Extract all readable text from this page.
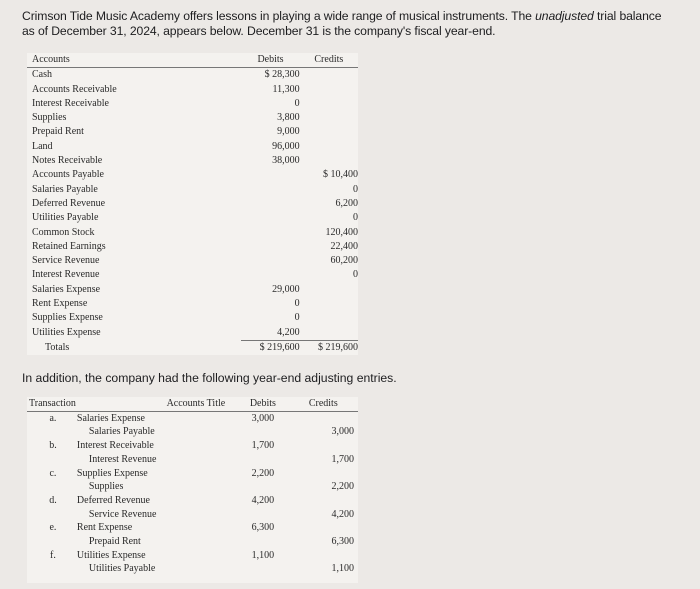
Crimson Tide Music Academy offers lessons in playing a wide range of musical instruments. The unadjusted trial balance as of December 31, 2024, appears below. December 31 is the company's fiscal year-end.
Accounts	Debits	Credits
Cash	$ 28,300	
Accounts Receivable	11,300	
Interest Receivable	0	
Supplies	3,800	
Prepaid Rent	9,000	
Land	96,000	
Notes Receivable	38,000	
Accounts Payable		$ 10,400
Salaries Payable		0
Deferred Revenue		6,200
Utilities Payable		0
Common Stock		120,400
Retained Earnings		22,400
Service Revenue		60,200
Interest Revenue		0
Salaries Expense	29,000	
Rent Expense	0	
Supplies Expense	0	
Utilities Expense	4,200	
Totals	$ 219,600	$ 219,600
In addition, the company had the following year-end adjusting entries.
Transaction	Accounts Title	Debits	Credits
a.	Salaries Expense	3,000	
	Salaries Payable		3,000
b.	Interest Receivable	1,700	
	Interest Revenue		1,700
c.	Supplies Expense	2,200	
	Supplies		2,200
d.	Deferred Revenue	4,200	
	Service Revenue		4,200
e.	Rent Expense	6,300	
	Prepaid Rent		6,300
f.	Utilities Expense	1,100	
	Utilities Payable		1,100
